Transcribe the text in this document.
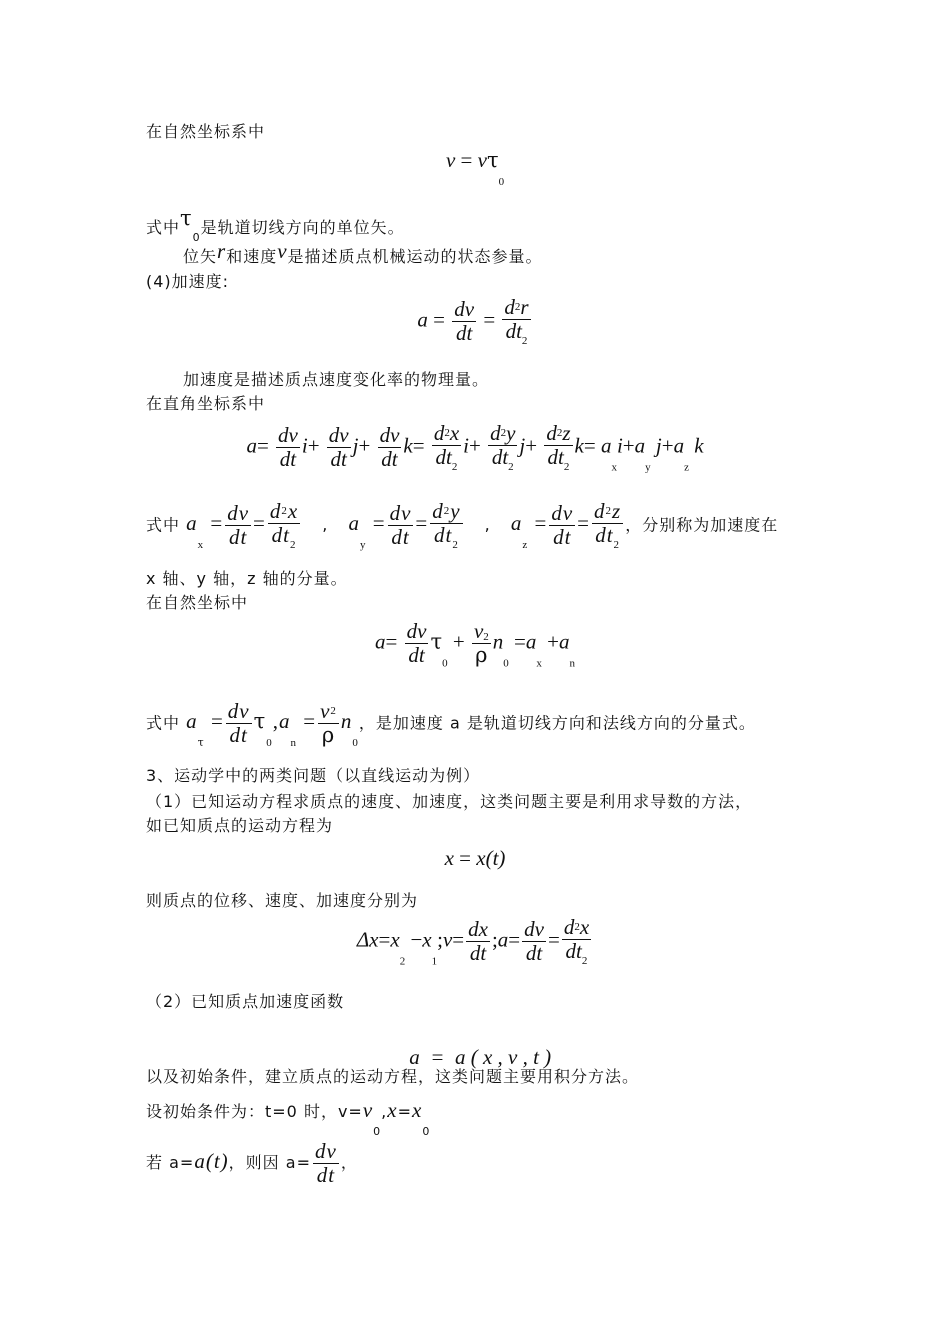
在自然坐标系中
$v = v\tau_0$
式中$\tau_0$是轨道切线方向的单位矢。
位矢r和速度v是描述质点机械运动的状态参量。
(4)加速度:
$a = \frac{dv}{dt} = \frac{d2r}{dt_2}$
加速度是描述质点速度变化率的物理量。
在直角坐标系中
$a= \frac{dv}{dt} i+ \frac{dv}{dt} j+ \frac{dv}{dt} k= \frac{d2x}{dt_2} i+ \frac{d2y}{dt_2} j+ \frac{d2z}{dt_2} k= a_xi+a_y$ $j+a_z$ k
式中 $a_x = \frac{dv}{dt} = \frac{d2x}{dt_2}$ , $a_y = \frac{dv}{dt} = \frac{d2y}{dt_2}$ , $a_z = \frac{dv}{dt} = \frac{d2z}{dt_2}$ ，分别称为加速度在
x 轴、y 轴，z 轴的分量。
在自然坐标中
$a= \frac{dv}{dt} \tau_0 + \frac{v2}{\rho} n_0 =a_x +a_n$
式中 $a_\tau = \frac{dv}{dt} \tau_0,a_n = \frac{v2}{\rho} n_0$，是加速度 a 是轨道切线方向和法线方向的分量式。
3、运动学中的两类问题（以直线运动为例）
（1）已知运动方程求质点的速度、加速度，这类问题主要是利用求导数的方法，
如已知质点的运动方程为
x = x(t)
则质点的位移、速度、加速度分别为
$\Delta x=x_2$ $-x_1;v= \frac{dx}{dt}$ ;a= $\frac{dv}{dt} = \frac{d2x}{dt_2}$
（2）已知质点加速度函数

a  =  a ( x , v , t )

以及初始条件，建立质点的运动方程，这类问题主要用积分方法。
设初始条件为：t=0 时，$v=v_0,x=x_0$
若 a=a(t)，则因 $a= \frac{dv}{dt}$ ，
